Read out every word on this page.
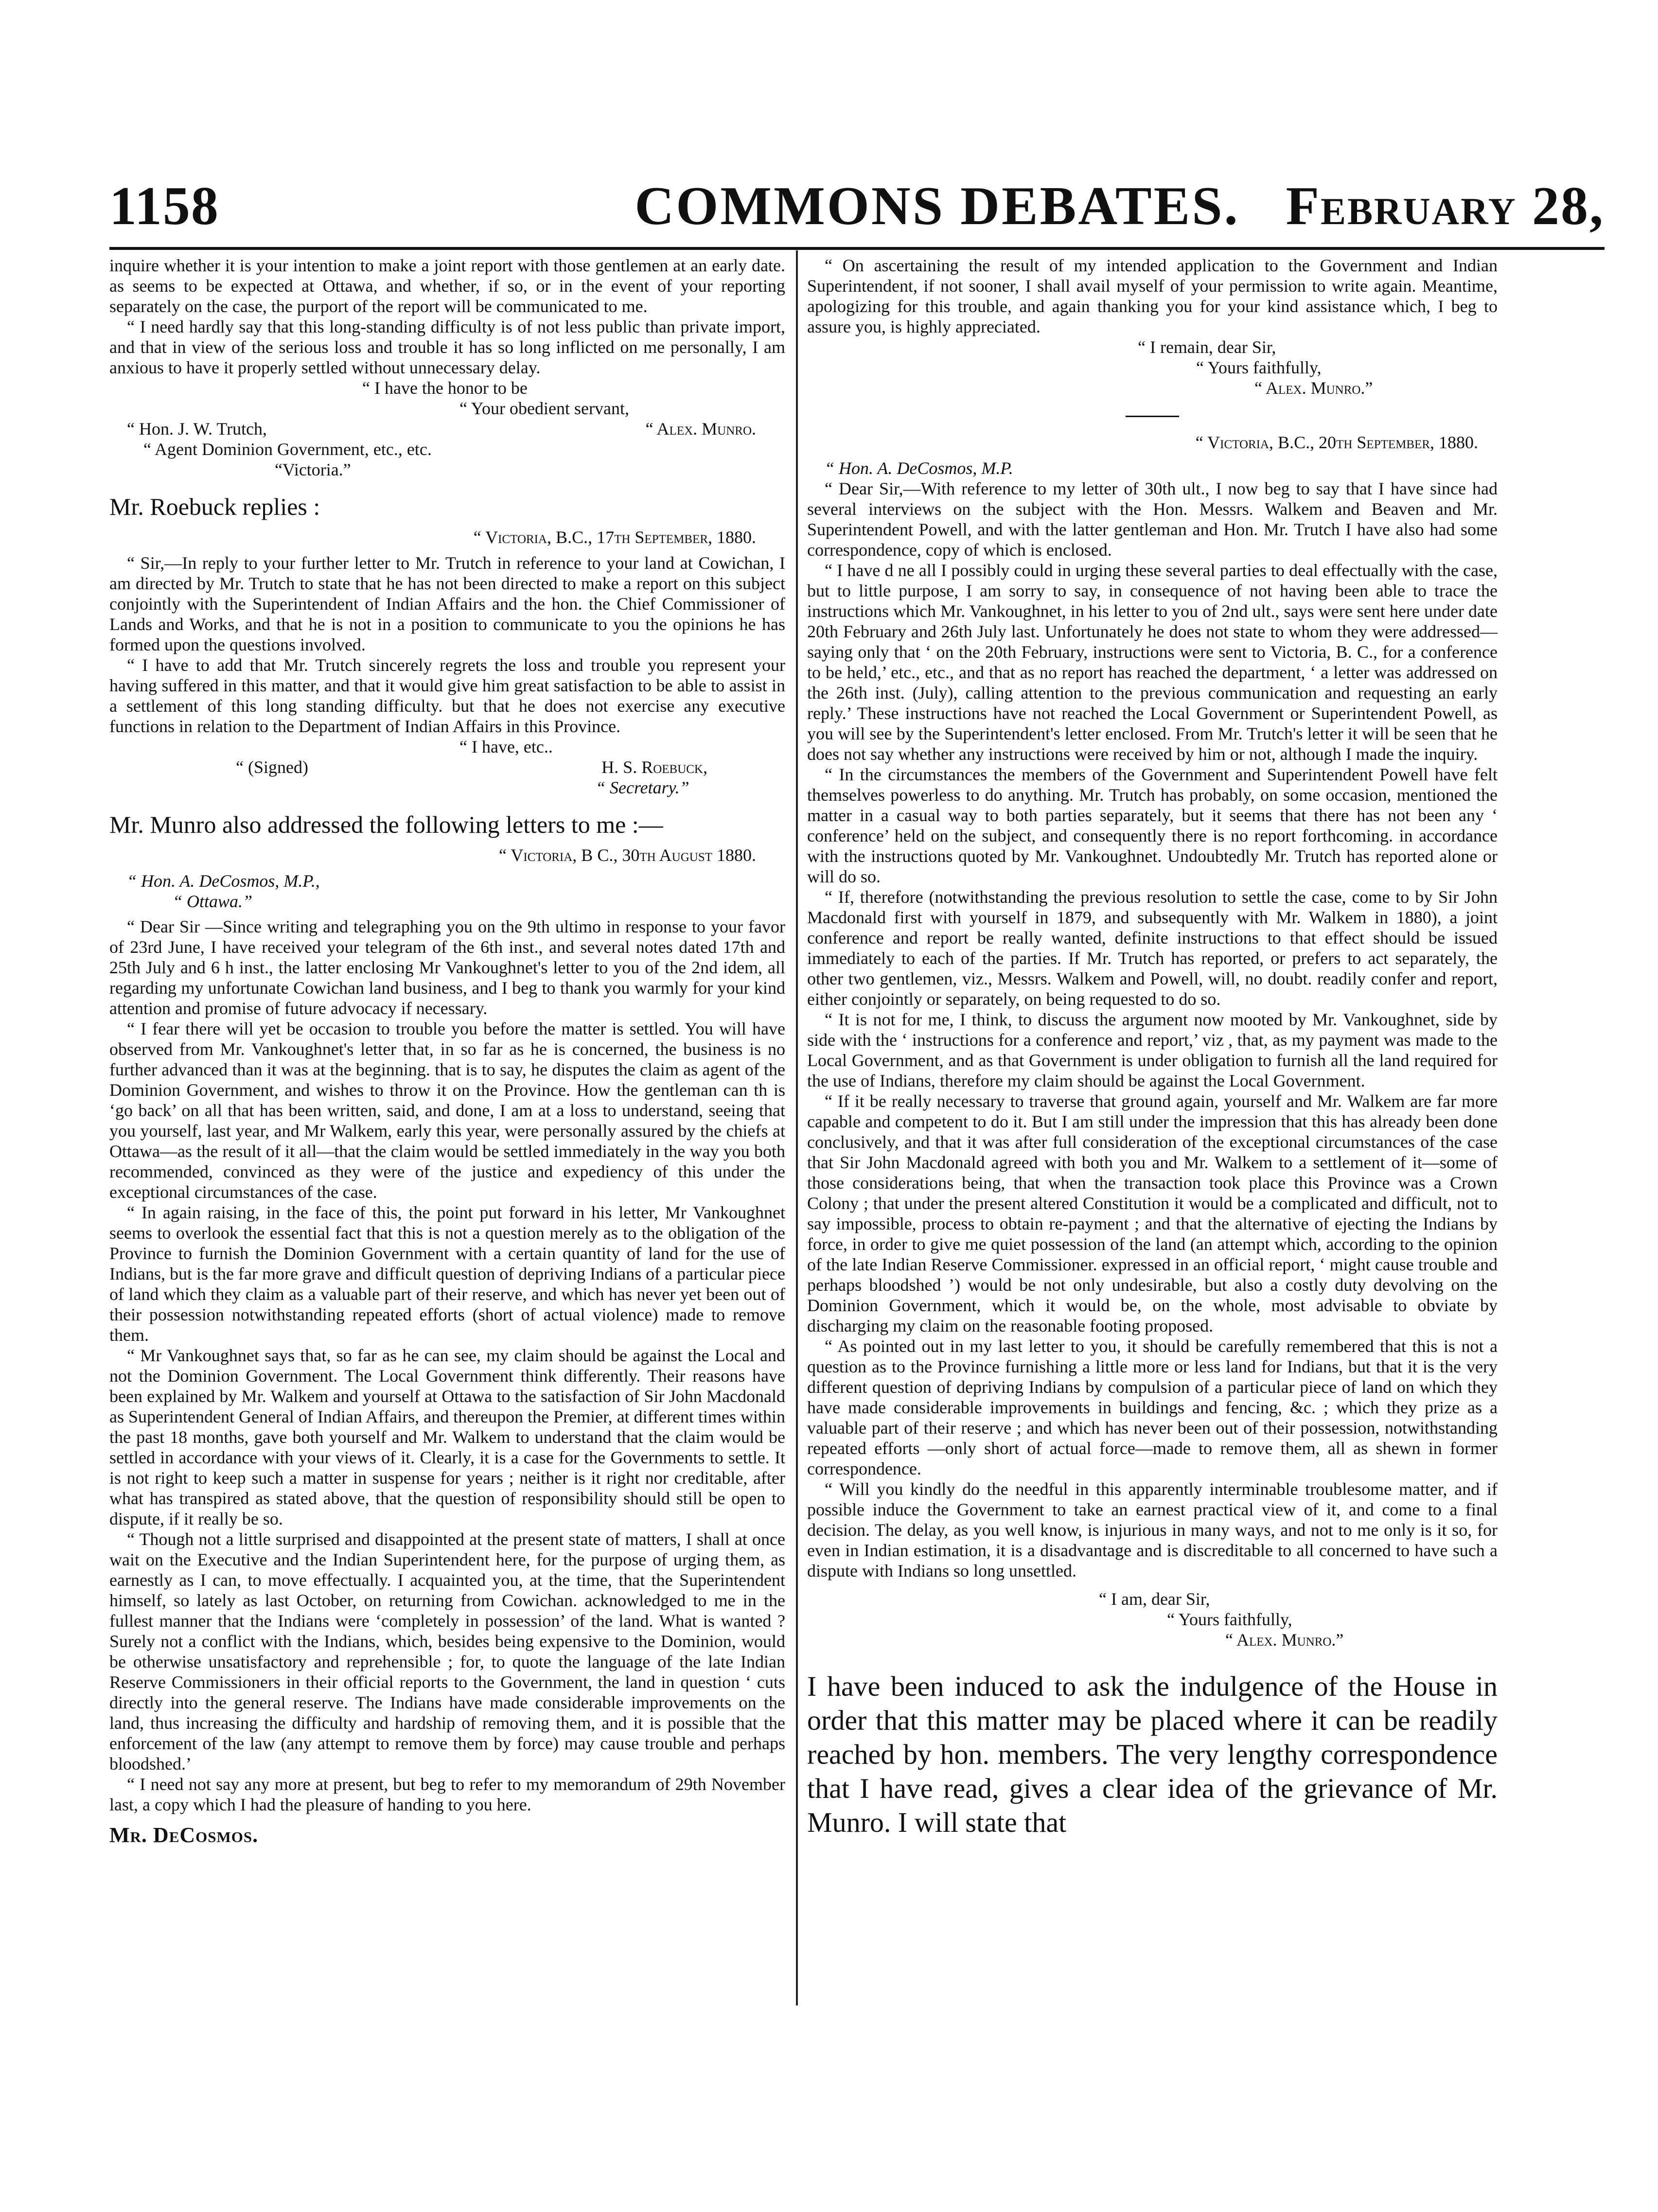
1158	COMMONS DEBATES. February 28,

inquire whether it is your intention to make a joint report with those gentlemen at an early date. as seems to be expected at Ottawa, and whether, if so, or in the event of your reporting separately on the case, the purport of the report will be communicated to me.

“ I need hardly say that this long-standing difficulty is of not less public than private import, and that in view of the serious loss and trouble it has so long inflicted on me personally, I am anxious to have it properly settled without unnecessary delay.

“ I have the honor to be

“ Your obedient servant,

“ Hon. J. W. Trutch,	“ Alex. Munro.

“ Agent Dominion Government, etc., etc.

“Victoria.”

Mr. Roebuck replies :

“ Victoria, B.C., 17th September, 1880.

“ Sir,—In reply to your further letter to Mr. Trutch in reference to your land at Cowichan, I am directed by Mr. Trutch to state that he has not been directed to make a report on this subject conjointly with the Superintendent of Indian Affairs and the hon. the Chief Commissioner of Lands and Works, and that he is not in a position to communicate to you the opinions he has formed upon the questions involved.

“ I have to add that Mr. Trutch sincerely regrets the loss and trouble you represent your having suffered in this matter, and that it would give him great satisfaction to be able to assist in a settlement of this long standing difficulty. but that he does not exercise any executive functions in relation to the Department of Indian Affairs in this Province.

“ I have, etc..

“ (Signed)	H. S. Roebuck,

“ Secretary.”

Mr. Munro also addressed the following letters to me :—

“ Victoria, B C., 30th August 1880.

“ Hon. A. DeCosmos, M.P.,

“ Ottawa.”

“ Dear Sir —Since writing and telegraphing you on the 9th ultimo in response to your favor of 23rd June, I have received your telegram of the 6th inst., and several notes dated 17th and 25th July and 6 h inst., the latter enclosing Mr Vankoughnet's letter to you of the 2nd idem, all regarding my unfortunate Cowichan land business, and I beg to thank you warmly for your kind attention and promise of future advocacy if necessary.

“ I fear there will yet be occasion to trouble you before the matter is settled. You will have observed from Mr. Vankoughnet's letter that, in so far as he is concerned, the business is no further advanced than it was at the beginning. that is to say, he disputes the claim as agent of the Dominion Government, and wishes to throw it on the Province. How the gentleman can th is ‘go back’ on all that has been written, said, and done, I am at a loss to understand, seeing that you yourself, last year, and Mr Walkem, early this year, were personally assured by the chiefs at Ottawa—as the result of it all—that the claim would be settled immediately in the way you both recommended, convinced as they were of the justice and expediency of this under the exceptional circumstances of the case.

“ In again raising, in the face of this, the point put forward in his letter, Mr Vankoughnet seems to overlook the essential fact that this is not a question merely as to the obligation of the Province to furnish the Dominion Government with a certain quantity of land for the use of Indians, but is the far more grave and difficult question of depriving Indians of a particular piece of land which they claim as a valuable part of their reserve, and which has never yet been out of their possession notwithstanding repeated efforts (short of actual violence) made to remove them.

“ Mr Vankoughnet says that, so far as he can see, my claim should be against the Local and not the Dominion Government. The Local Government think differently. Their reasons have been explained by Mr. Walkem and yourself at Ottawa to the satisfaction of Sir John Macdonald as Superintendent General of Indian Affairs, and thereupon the Premier, at different times within the past 18 months, gave both yourself and Mr. Walkem to understand that the claim would be settled in accordance with your views of it. Clearly, it is a case for the Governments to settle. It is not right to keep such a matter in suspense for years ; neither is it right nor creditable, after what has transpired as stated above, that the question of responsibility should still be open to dispute, if it really be so.

“ Though not a little surprised and disappointed at the present state of matters, I shall at once wait on the Executive and the Indian Superintendent here, for the purpose of urging them, as earnestly as I can, to move effectually. I acquainted you, at the time, that the Superintendent himself, so lately as last October, on returning from Cowichan. acknowledged to me in the fullest manner that the Indians were ‘completely in possession’ of the land. What is wanted ? Surely not a conflict with the Indians, which, besides being expensive to the Dominion, would be otherwise unsatisfactory and reprehensible ; for, to quote the language of the late Indian Reserve Commissioners in their official reports to the Government, the land in question ‘ cuts directly into the general reserve. The Indians have made considerable improvements on the land, thus increasing the difficulty and hardship of removing them, and it is possible that the enforcement of the law (any attempt to remove them by force) may cause trouble and perhaps bloodshed.’

“ I need not say any more at present, but beg to refer to my memorandum of 29th November last, a copy which I had the pleasure of handing to you here.

Mr. DeCosmos.

“ On ascertaining the result of my intended application to the Government and Indian Superintendent, if not sooner, I shall avail myself of your permission to write again. Meantime, apologizing for this trouble, and again thanking you for your kind assistance which, I beg to assure you, is highly appreciated.

“ I remain, dear Sir,

“ Yours faithfully,

“ Alex. Munro.”

“ Victoria, B.C., 20th September, 1880.

“ Hon. A. DeCosmos, M.P.

“ Dear Sir,—With reference to my letter of 30th ult., I now beg to say that I have since had several interviews on the subject with the Hon. Messrs. Walkem and Beaven and Mr. Superintendent Powell, and with the latter gentleman and Hon. Mr. Trutch I have also had some correspondence, copy of which is enclosed.

“ I have d ne all I possibly could in urging these several parties to deal effectually with the case, but to little purpose, I am sorry to say, in consequence of not having been able to trace the instructions which Mr. Vankoughnet, in his letter to you of 2nd ult., says were sent here under date 20th February and 26th July last. Unfortunately he does not state to whom they were addressed—saying only that ‘ on the 20th February, instructions were sent to Victoria, B. C., for a conference to be held,’ etc., etc., and that as no report has reached the department, ‘ a letter was addressed on the 26th inst. (July), calling attention to the previous communication and requesting an early reply.’ These instructions have not reached the Local Government or Superintendent Powell, as you will see by the Superintendent's letter enclosed. From Mr. Trutch's letter it will be seen that he does not say whether any instructions were received by him or not, although I made the inquiry.

“ In the circumstances the members of the Government and Superintendent Powell have felt themselves powerless to do anything. Mr. Trutch has probably, on some occasion, mentioned the matter in a casual way to both parties separately, but it seems that there has not been any ‘ conference’ held on the subject, and consequently there is no report forthcoming. in accordance with the instructions quoted by Mr. Vankoughnet. Undoubtedly Mr. Trutch has reported alone or will do so.

“ If, therefore (notwithstanding the previous resolution to settle the case, come to by Sir John Macdonald first with yourself in 1879, and subsequently with Mr. Walkem in 1880), a joint conference and report be really wanted, definite instructions to that effect should be issued immediately to each of the parties. If Mr. Trutch has reported, or prefers to act separately, the other two gentlemen, viz., Messrs. Walkem and Powell, will, no doubt. readily confer and report, either conjointly or separately, on being requested to do so.

“ It is not for me, I think, to discuss the argument now mooted by Mr. Vankoughnet, side by side with the ‘ instructions for a conference and report,’ viz , that, as my payment was made to the Local Government, and as that Government is under obligation to furnish all the land required for the use of Indians, therefore my claim should be against the Local Government.

“ If it be really necessary to traverse that ground again, yourself and Mr. Walkem are far more capable and competent to do it. But I am still under the impression that this has already been done conclusively, and that it was after full consideration of the exceptional circumstances of the case that Sir John Macdonald agreed with both you and Mr. Walkem to a settlement of it—some of those considerations being, that when the transaction took place this Province was a Crown Colony ; that under the present altered Constitution it would be a complicated and difficult, not to say impossible, process to obtain re-payment ; and that the alternative of ejecting the Indians by force, in order to give me quiet possession of the land (an attempt which, according to the opinion of the late Indian Reserve Commissioner. expressed in an official report, ‘ might cause trouble and perhaps bloodshed ’) would be not only undesirable, but also a costly duty devolving on the Dominion Government, which it would be, on the whole, most advisable to obviate by discharging my claim on the reasonable footing proposed.

“ As pointed out in my last letter to you, it should be carefully remembered that this is not a question as to the Province furnishing a little more or less land for Indians, but that it is the very different question of depriving Indians by compulsion of a particular piece of land on which they have made considerable improvements in buildings and fencing, &c. ; which they prize as a valuable part of their reserve ; and which has never been out of their possession, notwithstanding repeated efforts —only short of actual force—made to remove them, all as shewn in former correspondence.

“ Will you kindly do the needful in this apparently interminable troublesome matter, and if possible induce the Government to take an earnest practical view of it, and come to a final decision. The delay, as you well know, is injurious in many ways, and not to me only is it so, for even in Indian estimation, it is a disadvantage and is discreditable to all concerned to have such a dispute with Indians so long unsettled.

“ I am, dear Sir,

“ Yours faithfully,

“ Alex. Munro.”

I have been induced to ask the indulgence of the House in order that this matter may be placed where it can be readily reached by hon. members. The very lengthy correspondence that I have read, gives a clear idea of the grievance of Mr. Munro. I will state that
